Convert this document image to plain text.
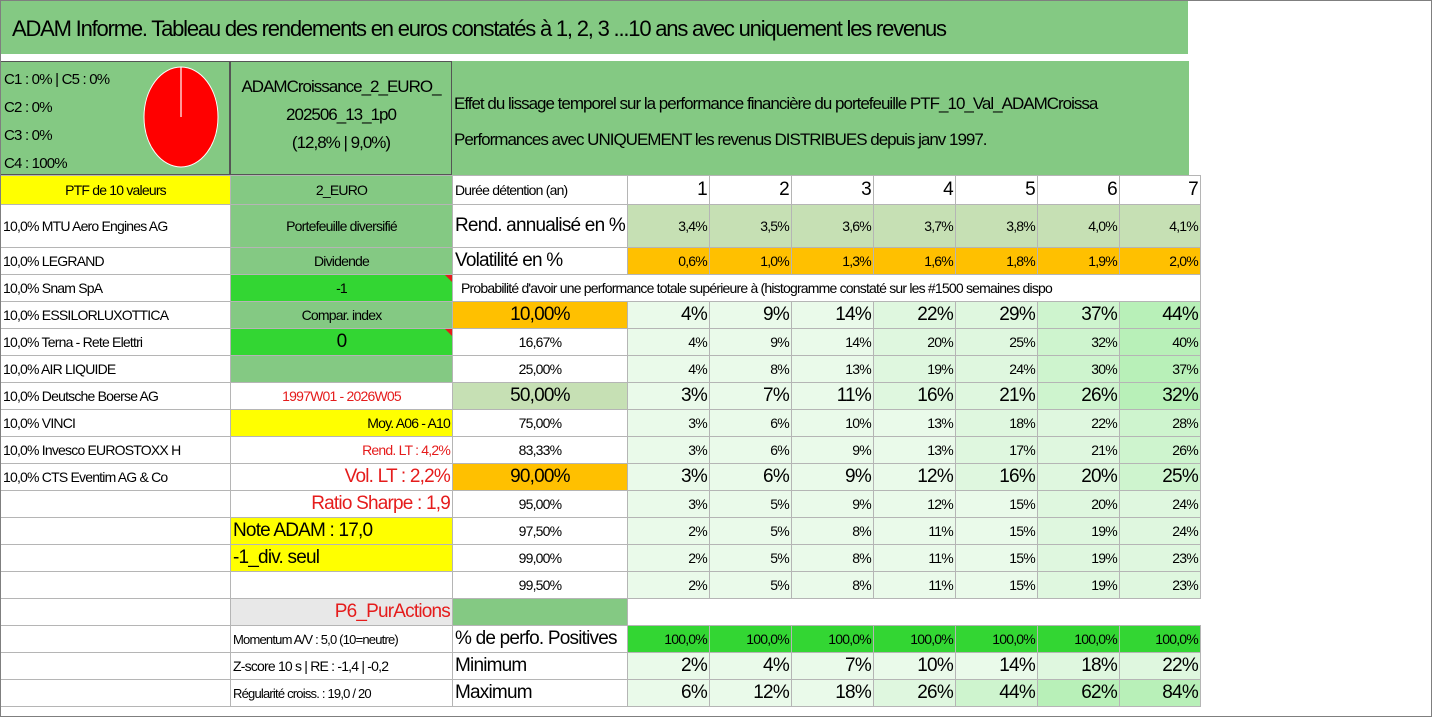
ADAM Informe. Tableau des rendements en euros constatés à 1, 2, 3 ...10 ans avec uniquement les revenus
C1 : 0% | C5 : 0%
C2 : 0%
C3 : 0%
C4 : 100%
ADAMCroissance_2_EURO_
202506_13_1p0
(12,8% | 9,0%)
Effet du lissage temporel sur la performance financière du portefeuille PTF_10_Val_ADAMCroissa
Performances avec UNIQUEMENT les revenus DISTRIBUES depuis janv 1997.
PTF de 10 valeurs	2_EURO	Durée détention (an)	1	2	3	4	5	6	7
10,0% MTU Aero Engines AG	Portefeuille diversifié	Rend. annualisé en %	3,4%	3,5%	3,6%	3,7%	3,8%	4,0%	4,1%
10,0% LEGRAND	Dividende	Volatilité en %	0,6%	1,0%	1,3%	1,6%	1,8%	1,9%	2,0%
10,0% Snam SpA	-1	Probabilité d'avoir une performance totale supérieure à (histogramme constaté sur les #1500 semaines dispo							
10,0% ESSILORLUXOTTICA	Compar. index	10,00%	4%	9%	14%	22%	29%	37%	44%
10,0% Terna - Rete Elettri	0	16,67%	4%	9%	14%	20%	25%	32%	40%
10,0% AIR LIQUIDE		25,00%	4%	8%	13%	19%	24%	30%	37%
10,0% Deutsche Boerse AG	1997W01 - 2026W05	50,00%	3%	7%	11%	16%	21%	26%	32%
10,0% VINCI	Moy. A06 - A10	75,00%	3%	6%	10%	13%	18%	22%	28%
10,0% Invesco EUROSTOXX H	Rend. LT : 4,2%	83,33%	3%	6%	9%	13%	17%	21%	26%
10,0% CTS Eventim AG & Co	Vol. LT : 2,2%	90,00%	3%	6%	9%	12%	16%	20%	25%
	Ratio Sharpe : 1,9	95,00%	3%	5%	9%	12%	15%	20%	24%
	Note ADAM : 17,0	97,50%	2%	5%	8%	11%	15%	19%	24%
	-1_div. seul	99,00%	2%	5%	8%	11%	15%	19%	23%
		99,50%	2%	5%	8%	11%	15%	19%	23%
	P6_PurActions								
	Momentum A/V : 5,0 (10=neutre)	% de perfo. Positives	100,0%	100,0%	100,0%	100,0%	100,0%	100,0%	100,0%
	Z-score 10 s | RE : -1,4 | -0,2	Minimum	2%	4%	7%	10%	14%	18%	22%
	Régularité croiss. : 19,0 / 20	Maximum	6%	12%	18%	26%	44%	62%	84%
